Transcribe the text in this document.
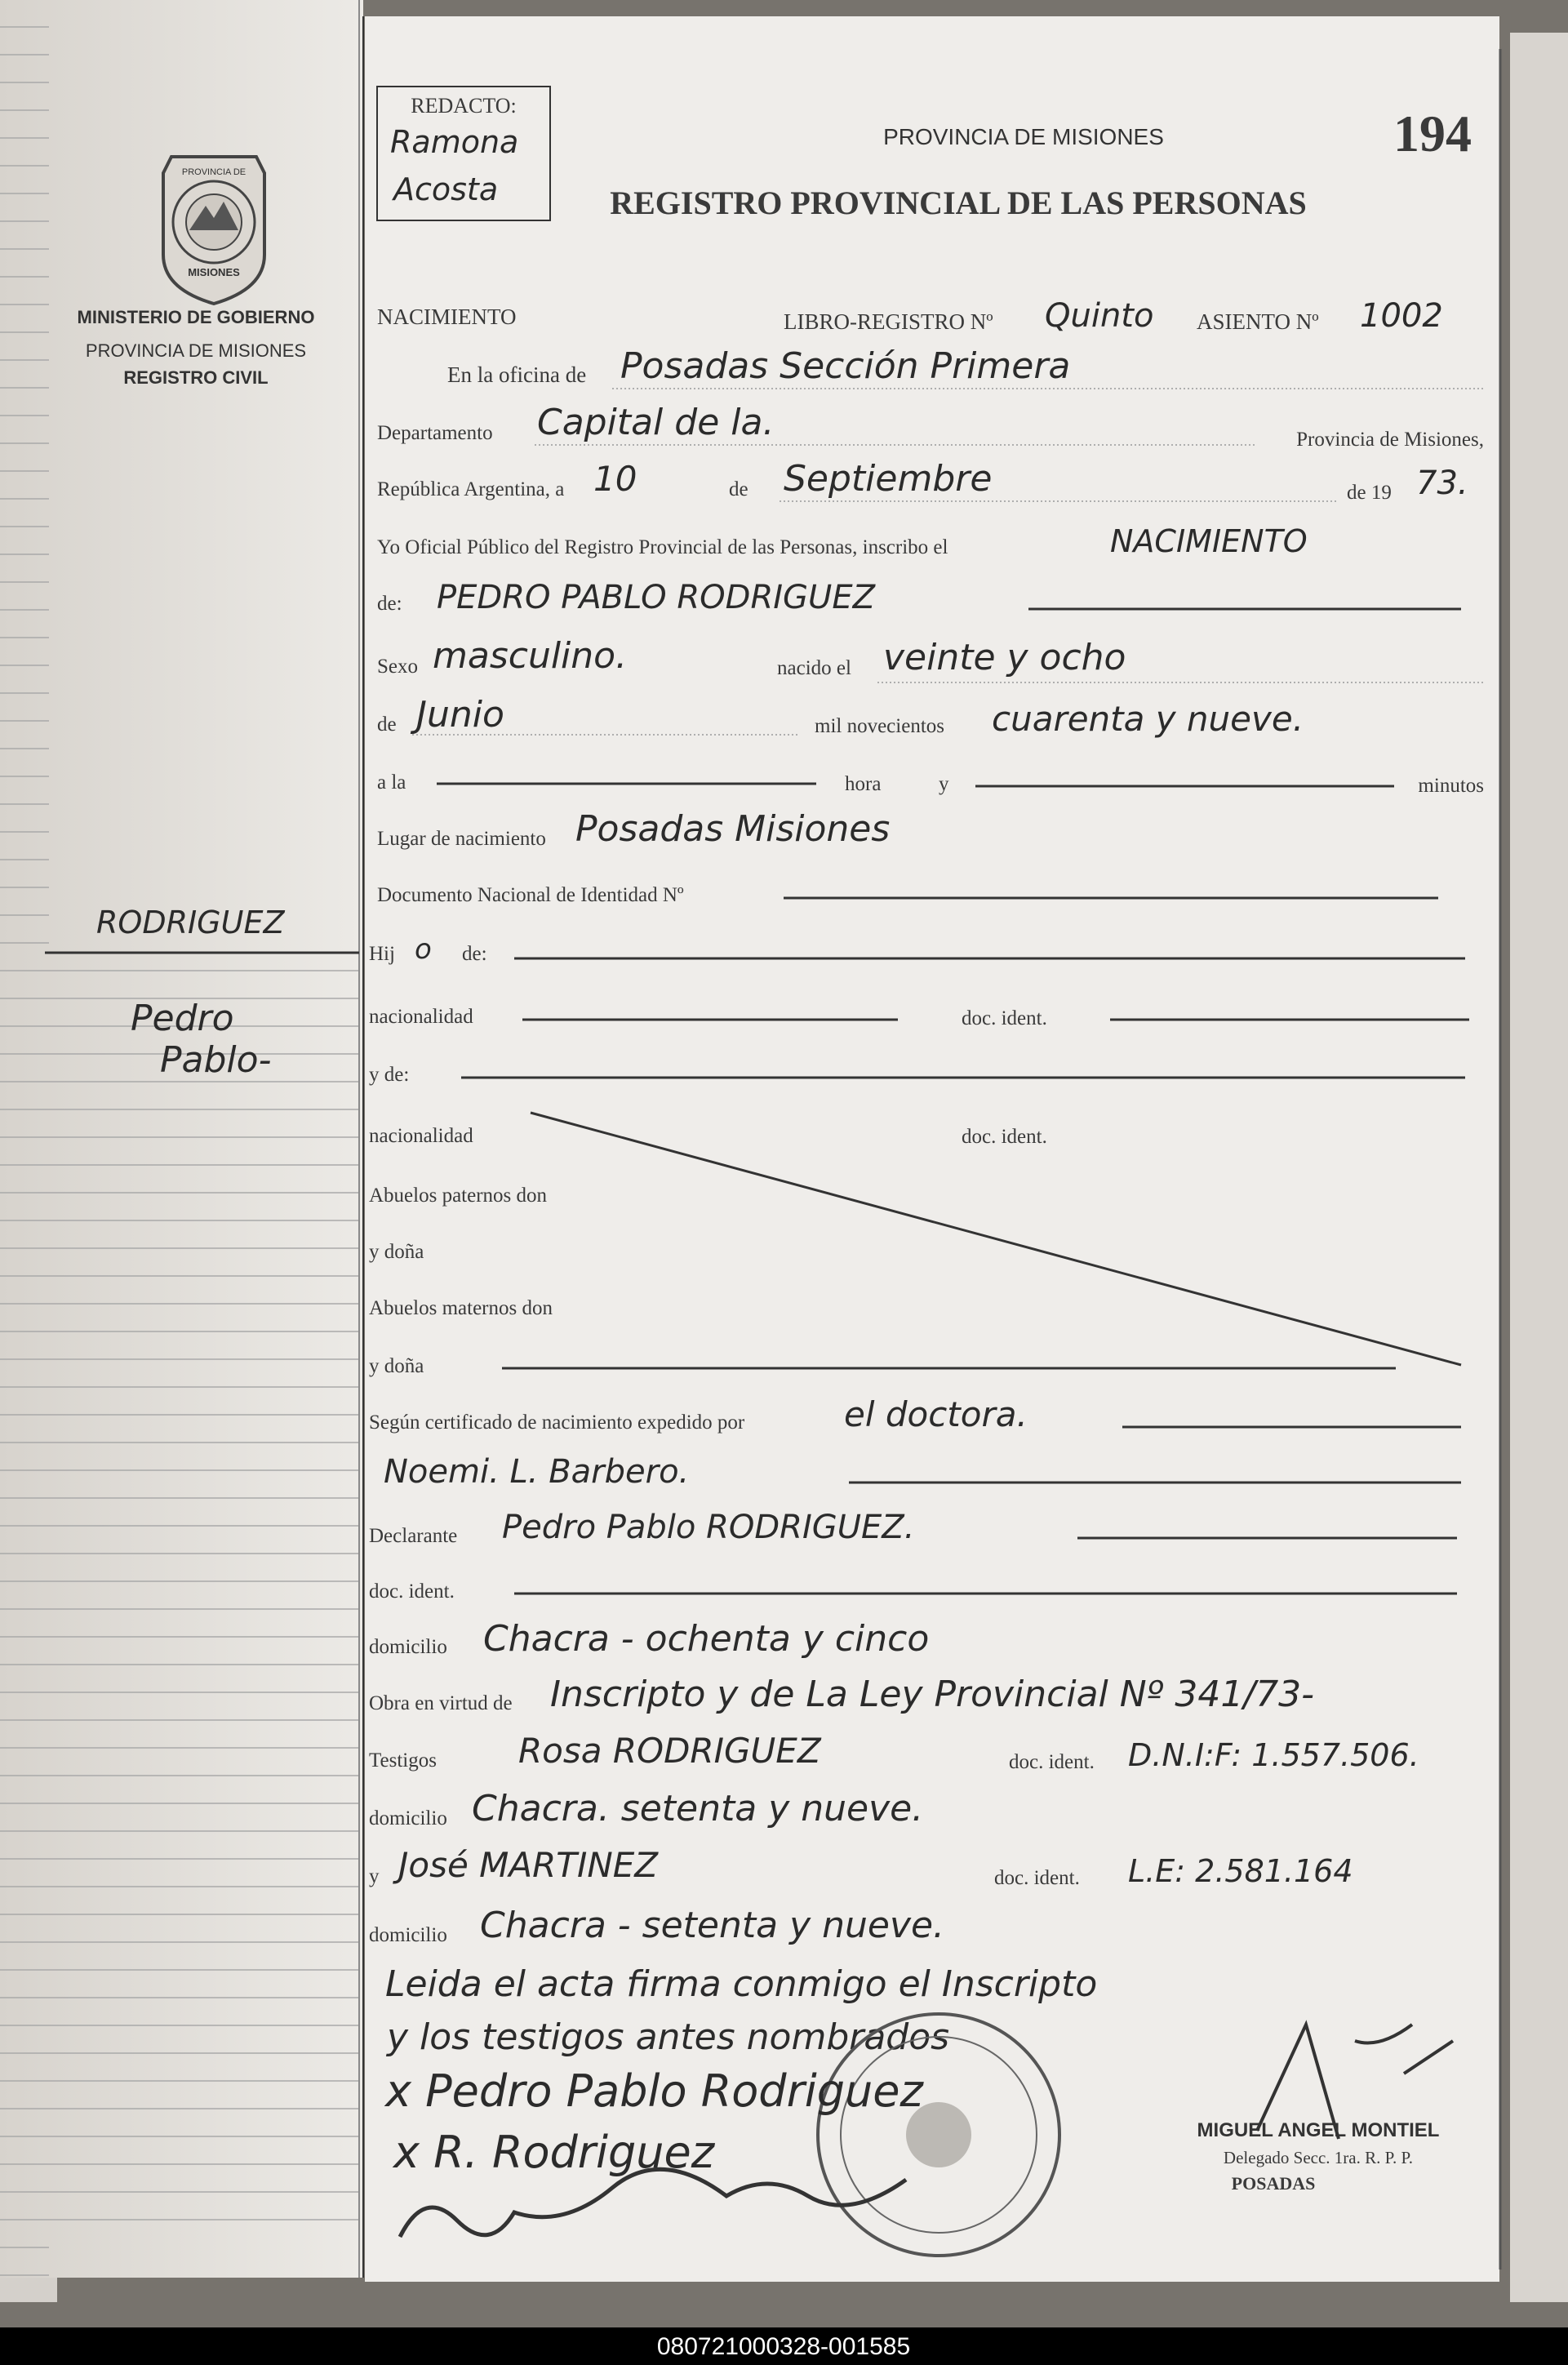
REDACTO:
Ramona
Acosta
PROVINCIA DE MISIONES
REGISTRO PROVINCIAL DE LAS PERSONAS
194
PROVINCIA DE
MISIONES
MINISTERIO DE GOBIERNO
PROVINCIA DE MISIONES
REGISTRO CIVIL
RODRIGUEZ
Pedro
Pablo-
NACIMIENTO	LIBRO-REGISTRO Nº Quinto ASIENTO Nº 1002
En la oficina de Posadas Sección Primera
Departamento Capital de la.	Provincia de Misiones,
República Argentina, a 10	de Septiembre	de 19 73.
Yo Oficial Público del Registro Provincial de las Personas, inscribo el	NACIMIENTO
de: PEDRO PABLO RODRIGUEZ
Sexo masculino.	nacido el veinte y ocho
de Junio	mil novecientos cuarenta y nueve.
a la	hora	y	minutos
Lugar de nacimiento Posadas Misiones
Documento Nacional de Identidad Nº
Hij o de:
nacionalidad	doc. ident.
y de:
nacionalidad	doc. ident.
Abuelos paternos don
y doña
Abuelos maternos don
y doña
Según certificado de nacimiento expedido por	el doctora.
Noemi. L. Barbero.
Declarante Pedro Pablo RODRIGUEZ.
doc. ident.
domicilio Chacra - ochenta y cinco
Obra en virtud de Inscripto y de La Ley Provincial Nº 341/73-
Testigos Rosa RODRIGUEZ	doc. ident. D.N.I:F: 1.557.506.
domicilio Chacra. setenta y nueve.
y José MARTINEZ	doc. ident. L.E: 2.581.164
domicilio Chacra - setenta y nueve.
Leida el acta firma conmigo el Inscripto
y los testigos antes nombrados
x Pedro Pablo Rodriguez
x R. Rodriguez	MIGUEL ANGEL MONTIEL
Delegado Secc. 1ra. R. P. P.
POSADAS
080721000328-001585
